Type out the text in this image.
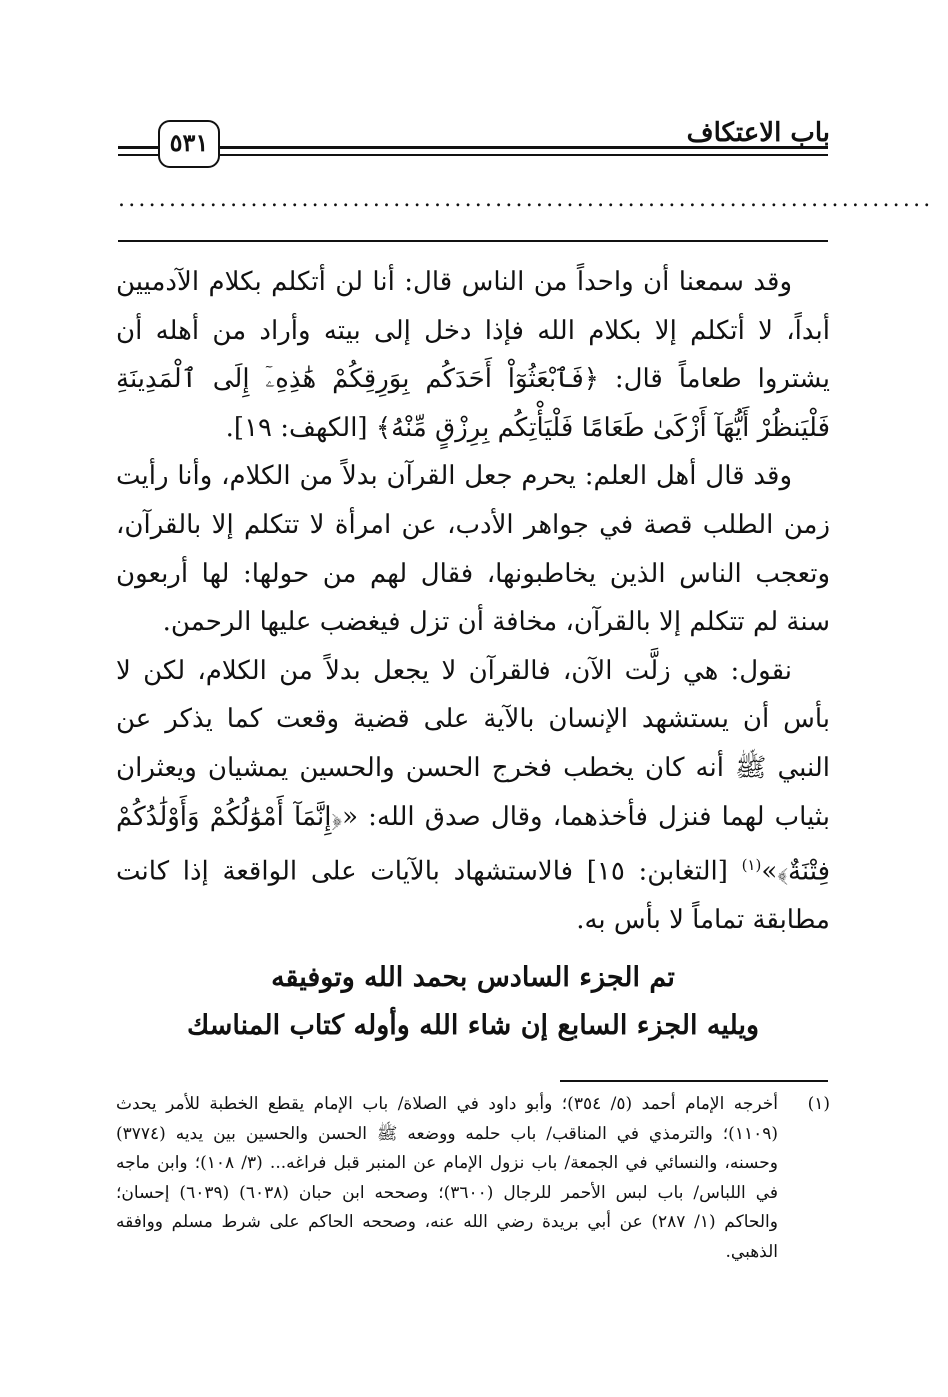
باب الاعتكاف
٥٣١
................................................................................

وقد سمعنا أن واحداً من الناس قال: أنا لن أتكلم بكلام الآدميين أبداً، لا أتكلم إلا بكلام الله فإذا دخل إلى بيته وأراد من أهله أن يشتروا طعاماً قال: ﴿فَٱبْعَثُوٓاْ أَحَدَكُم بِوَرِقِكُمْ هَٰذِهِۦٓ إِلَى ٱلْمَدِينَةِ فَلْيَنظُرْ أَيُّهَآ أَزْكَىٰ طَعَامًا فَلْيَأْتِكُم بِرِزْقٍ مِّنْهُ﴾ [الكهف: ١٩].

وقد قال أهل العلم: يحرم جعل القرآن بدلاً من الكلام، وأنا رأيت زمن الطلب قصة في جواهر الأدب، عن امرأة لا تتكلم إلا بالقرآن، وتعجب الناس الذين يخاطبونها، فقال لهم من حولها: لها أربعون سنة لم تتكلم إلا بالقرآن، مخافة أن تزل فيغضب عليها الرحمن.

نقول: هي زلَّت الآن، فالقرآن لا يجعل بدلاً من الكلام، لكن لا بأس أن يستشهد الإنسان بالآية على قضية وقعت كما يذكر عن النبي ﷺ أنه كان يخطب فخرج الحسن والحسين يمشيان ويعثران بثياب لهما فنزل فأخذهما، وقال صدق الله: «﴿إِنَّمَآ أَمْوَٰلُكُمْ وَأَوْلَٰدُكُمْ فِتْنَةٌ﴾»$^{(١)}$ [التغابن: ١٥] فالاستشهاد بالآيات على الواقعة إذا كانت مطابقة تماماً لا بأس به.

تم الجزء السادس بحمد الله وتوفيقه
ويليه الجزء السابع إن شاء الله وأوله كتاب المناسك
(١)
أخرجه الإمام أحمد (٥/ ٣٥٤)؛ وأبو داود في الصلاة/ باب الإمام يقطع الخطبة للأمر يحدث (١١٠٩)؛ والترمذي في المناقب/ باب حلمه ووضعه ﷺ الحسن والحسين بين يديه (٣٧٧٤) وحسنه، والنسائي في الجمعة/ باب نزول الإمام عن المنبر قبل فراغه... (٣/ ١٠٨)؛ وابن ماجه في اللباس/ باب لبس الأحمر للرجال (٣٦٠٠)؛ وصححه ابن حبان (٦٠٣٨) (٦٠٣٩) إحسان؛ والحاكم (١/ ٢٨٧) عن أبي بريدة رضي الله عنه، وصححه الحاكم على شرط مسلم ووافقه الذهبي.
